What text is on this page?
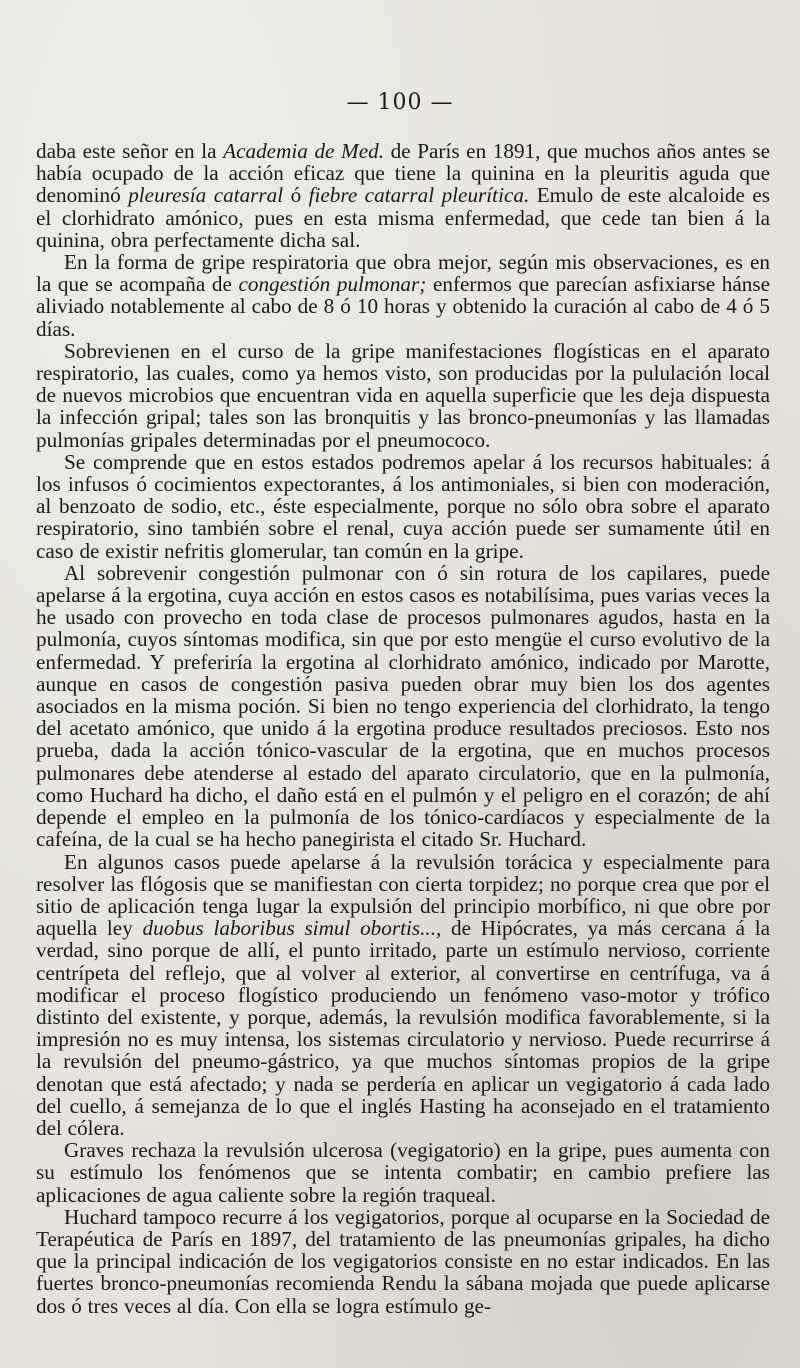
— 100 —

daba este señor en la Academia de Med. de París en 1891, que muchos años antes se había ocupado de la acción eficaz que tiene la quinina en la pleuritis aguda que denominó pleuresía catarral ó fiebre catarral pleurítica. Emulo de este alcaloide es el clorhidrato amónico, pues en esta misma enfermedad, que cede tan bien á la quinina, obra perfectamente dicha sal.

En la forma de gripe respiratoria que obra mejor, según mis observaciones, es en la que se acompaña de congestión pulmonar; enfermos que parecían asfixiarse hánse aliviado notablemente al cabo de 8 ó 10 horas y obtenido la curación al cabo de 4 ó 5 días.

Sobrevienen en el curso de la gripe manifestaciones flogísticas en el aparato respiratorio, las cuales, como ya hemos visto, son producidas por la pululación local de nuevos microbios que encuentran vida en aquella superficie que les deja dispuesta la infección gripal; tales son las bronquitis y las bronco-pneumonías y las llamadas pulmonías gripales determinadas por el pneumococo.

Se comprende que en estos estados podremos apelar á los recursos habituales: á los infusos ó cocimientos expectorantes, á los antimoniales, si bien con moderación, al benzoato de sodio, etc., éste especialmente, porque no sólo obra sobre el aparato respiratorio, sino también sobre el renal, cuya acción puede ser sumamente útil en caso de existir nefritis glomerular, tan común en la gripe.

Al sobrevenir congestión pulmonar con ó sin rotura de los capilares, puede apelarse á la ergotina, cuya acción en estos casos es notabilísima, pues varias veces la he usado con provecho en toda clase de procesos pulmonares agudos, hasta en la pulmonía, cuyos síntomas modifica, sin que por esto mengüe el curso evolutivo de la enfermedad. Y preferiría la ergotina al clorhidrato amónico, indicado por Marotte, aunque en casos de congestión pasiva pueden obrar muy bien los dos agentes asociados en la misma poción. Si bien no tengo experiencia del clorhidrato, la tengo del acetato amónico, que unido á la ergotina produce resultados preciosos. Esto nos prueba, dada la acción tónico-vascular de la ergotina, que en muchos procesos pulmonares debe atenderse al estado del aparato circulatorio, que en la pulmonía, como Huchard ha dicho, el daño está en el pulmón y el peligro en el corazón; de ahí depende el empleo en la pulmonía de los tónico-cardíacos y especialmente de la cafeína, de la cual se ha hecho panegirista el citado Sr. Huchard.

En algunos casos puede apelarse á la revulsión torácica y especialmente para resolver las flógosis que se manifiestan con cierta torpidez; no porque crea que por el sitio de aplicación tenga lugar la expulsión del principio morbífico, ni que obre por aquella ley duobus laboribus simul obortis..., de Hipócrates, ya más cercana á la verdad, sino porque de allí, el punto irritado, parte un estímulo nervioso, corriente centrípeta del reflejo, que al volver al exterior, al convertirse en centrífuga, va á modificar el proceso flogístico produciendo un fenómeno vaso-motor y trófico distinto del existente, y porque, además, la revulsión modifica favorablemente, si la impresión no es muy intensa, los sistemas circulatorio y nervioso. Puede recurrirse á la revulsión del pneumo-gástrico, ya que muchos síntomas propios de la gripe denotan que está afectado; y nada se perdería en aplicar un vegigatorio á cada lado del cuello, á semejanza de lo que el inglés Hasting ha aconsejado en el tratamiento del cólera.

Graves rechaza la revulsión ulcerosa (vegigatorio) en la gripe, pues aumenta con su estímulo los fenómenos que se intenta combatir; en cambio prefiere las aplicaciones de agua caliente sobre la región traqueal.

Huchard tampoco recurre á los vegigatorios, porque al ocuparse en la Sociedad de Terapéutica de París en 1897, del tratamiento de las pneumonías gripales, ha dicho que la principal indicación de los vegigatorios consiste en no estar indicados. En las fuertes bronco-pneumonías recomienda Rendu la sábana mojada que puede aplicarse dos ó tres veces al día. Con ella se logra estímulo ge-
